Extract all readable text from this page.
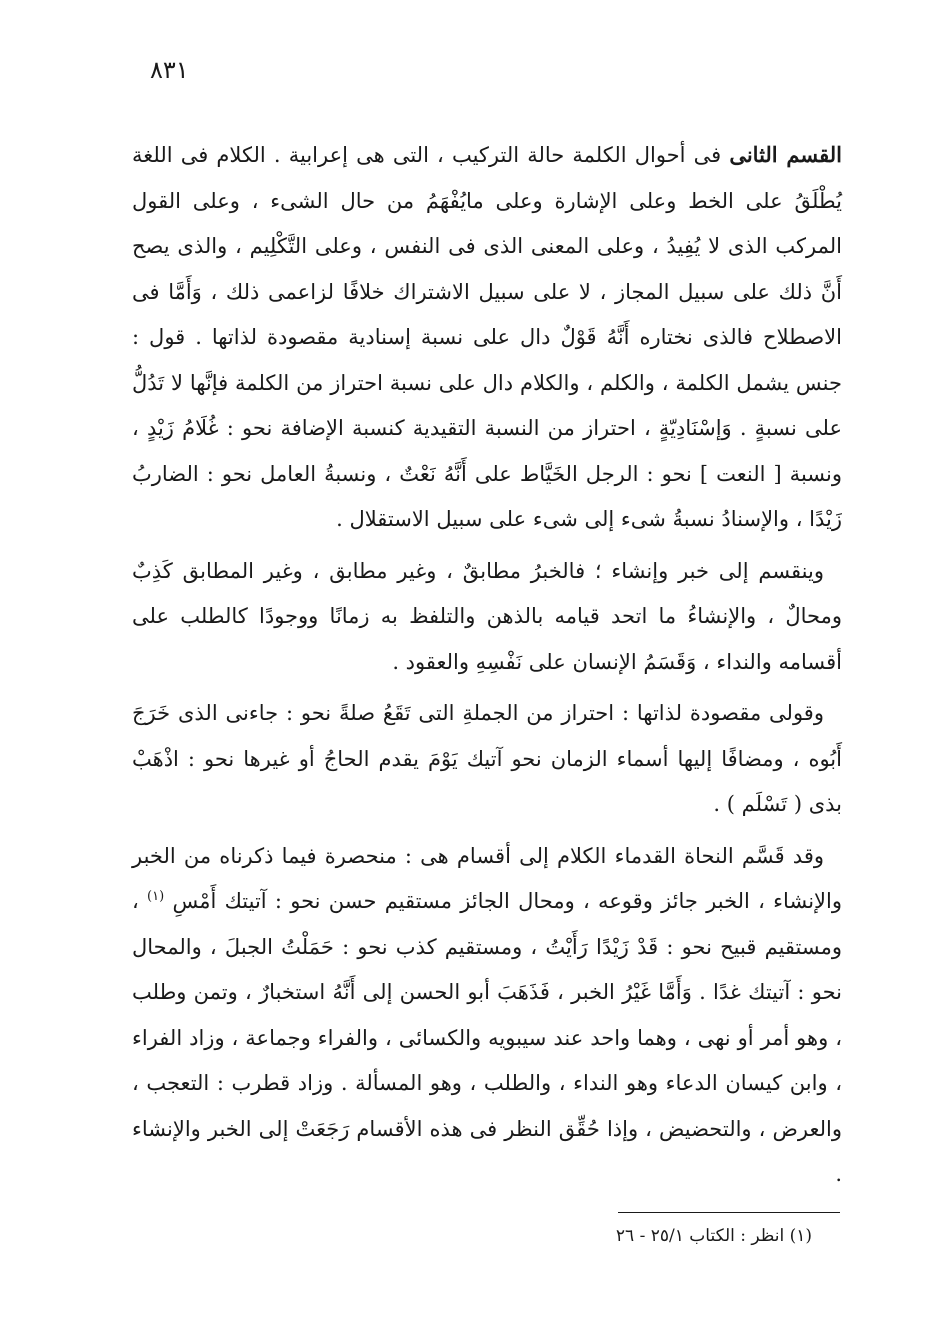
٨٣١

القسم الثانى فى أحوال الكلمة حالة التركيب ، التى هى إعرابية . الكلام فى اللغة يُطْلَقُ على الخط وعلى الإشارة وعلى مايُفْهَمُ من حال الشىء ، وعلى القول المركب الذى لا يُفِيدُ ، وعلى المعنى الذى فى النفس ، وعلى التَّكْلِيم ، والذى يصح أَنَّ ذلك على سبيل المجاز ، لا على سبيل الاشتراك خلافًا لزاعمى ذلك ، وَأَمَّا فى الاصطلاح فالذى نختاره أَنَّهُ قَوْلٌ دال على نسبة إسنادية مقصودة لذاتها . قول : جنس يشمل الكلمة ، والكلم ، والكلام دال على نسبة احتراز من الكلمة فإنَّها لا تَدُلُّ على نسبةٍ . وَإسْنَادِيّةٍ ، احتراز من النسبة التقيدية كنسبة الإضافة نحو : غُلَامُ زَيْدٍ ، ونسبة [ النعت ] نحو : الرجل الخَيَّاط على أَنَّهُ نَعْتٌ ، ونسبةُ العامل نحو : الضاربُ زَيْدًا ، والإسنادُ نسبةُ شىء إلى شىء على سبيل الاستقلال .

وينقسم إلى خبر وإنشاء ؛ فالخبرُ مطابقٌ ، وغير مطابق ، وغير المطابق كَذِبٌ ومحالٌ ، والإنشاءُ ما اتحد قيامه بالذهن والتلفظ به زمانًا ووجودًا كالطلب على أقسامه والنداء ، وَقَسَمُ الإنسان على نَفْسِهِ والعقود .

وقولى مقصودة لذاتها : احتراز من الجملةِ التى تَقَعُ صلةً نحو : جاءنى الذى خَرَجَ أَبُوه ، ومضافًا إليها أسماء الزمان نحو آتيك يَوْمَ يقدم الحاجُ أو غيرها نحو : اذْهَبْ بذى ( تَسْلَم ) .

وقد قَسَّم النحاة القدماء الكلام إلى أقسام هى : منحصرة فيما ذكرناه من الخبر والإنشاء ، الخبر جائز وقوعه ، ومحال الجائز مستقيم حسن نحو : آتيتك أَمْسِ $^{(١)}$ ، ومستقيم قبيح نحو : قَدْ زَيْدًا رَأَيْتُ ، ومستقيم كذب نحو : حَمَلْتُ الجبلَ ، والمحال نحو : آتيتك غدًا . وَأَمَّا غَيْرُ الخبر ، فَذَهَبَ أبو الحسن إلى أَنَّهُ استخبارٌ ، وتمن وطلب ، وهو أمر أو نهى ، وهما واحد عند سيبويه والكسائى ، والفراء وجماعة ، وزاد الفراء ، وابن كيسان الدعاء وهو النداء ، والطلب ، وهو المسألة . وزاد قطرب : التعجب ، والعرض ، والتحضيض ، وإذا حُقِّق النظر فى هذه الأقسام رَجَعَتْ إلى الخبر والإنشاء .

(١) انظر : الكتاب ٢٥/١ - ٢٦
